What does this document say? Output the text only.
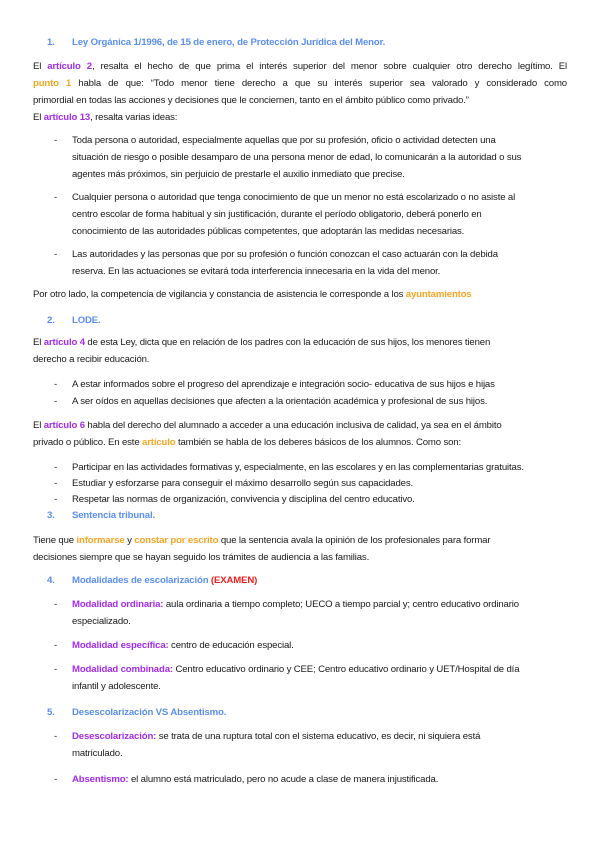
1. Ley Orgánica 1/1996, de 15 de enero, de Protección Jurídica del Menor.
El artículo 2, resalta el hecho de que prima el interés superior del menor sobre cualquier otro derecho legítimo. El
punto 1 habla de que: “Todo menor tiene derecho a que su interés superior sea valorado y considerado como
primordial en todas las acciones y decisiones que le conciernen, tanto en el ámbito público como privado.”
El artículo 13, resalta varias ideas:
- Toda persona o autoridad, especialmente aquellas que por su profesión, oficio o actividad detecten una
situación de riesgo o posible desamparo de una persona menor de edad, lo comunicarán a la autoridad o sus
agentes más próximos, sin perjuicio de prestarle el auxilio inmediato que precise.
- Cualquier persona o autoridad que tenga conocimiento de que un menor no está escolarizado o no asiste al
centro escolar de forma habitual y sin justificación, durante el período obligatorio, deberá ponerlo en
conocimiento de las autoridades públicas competentes, que adoptarán las medidas necesarias.
- Las autoridades y las personas que por su profesión o función conozcan el caso actuarán con la debida
reserva. En las actuaciones se evitará toda interferencia innecesaria en la vida del menor.
Por otro lado, la competencia de vigilancia y constancia de asistencia le corresponde a los ayuntamientos
2. LODE.
El artículo 4 de esta Ley, dicta que en relación de los padres con la educación de sus hijos, los menores tienen
derecho a recibir educación.
- A estar informados sobre el progreso del aprendizaje e integración socio- educativa de sus hijos e hijas
- A ser oídos en aquellas decisiones que afecten a la orientación académica y profesional de sus hijos.
El artículo 6 habla del derecho del alumnado a acceder a una educación inclusiva de calidad, ya sea en el ámbito
privado o público. En este artículo también se habla de los deberes básicos de los alumnos. Como son:
- Participar en las actividades formativas y, especialmente, en las escolares y en las complementarias gratuitas.
- Estudiar y esforzarse para conseguir el máximo desarrollo según sus capacidades.
- Respetar las normas de organización, convivencia y disciplina del centro educativo.
3. Sentencia tribunal.
Tiene que informarse y constar por escrito que la sentencia avala la opinión de los profesionales para formar
decisiones siempre que se hayan seguido los trámites de audiencia a las familias.
4. Modalidades de escolarización (EXAMEN)
- Modalidad ordinaria: aula ordinaria a tiempo completo; UECO a tiempo parcial y; centro educativo ordinario
especializado.
- Modalidad específica: centro de educación especial.
- Modalidad combinada: Centro educativo ordinario y CEE; Centro educativo ordinario y UET/Hospital de día
infantil y adolescente.
5. Desescolarización VS Absentismo.
- Desescolarización: se trata de una ruptura total con el sistema educativo, es decir, ni siquiera está
matriculado.
- Absentismo: el alumno está matriculado, pero no acude a clase de manera injustificada.
